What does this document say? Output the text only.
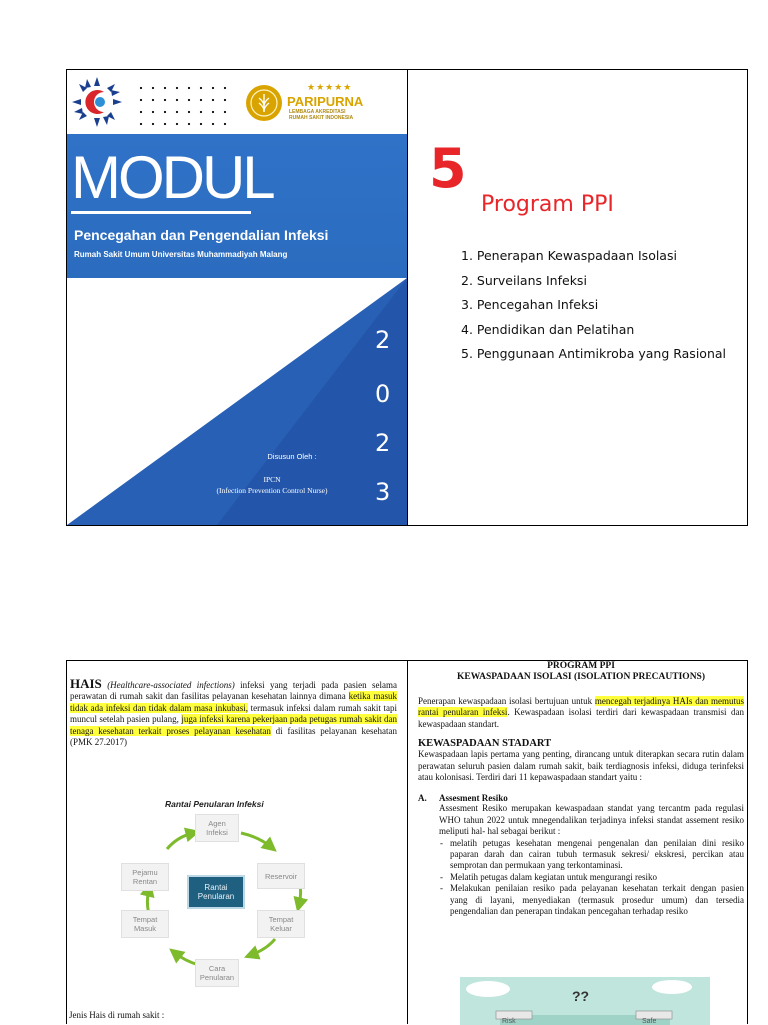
★★★★★
PARIPURNA
LEMBAGA AKREDITASI
RUMAH SAKIT INDONESIA
MODUL
Pencegahan dan Pengendalian Infeksi
Rumah Sakit Umum Universitas Muhammadiyah Malang
2
0
2
3
Disusun Oleh :
IPCN
(Infection Prevention Control Nurse)
5
Program PPI
1. Penerapan Kewaspadaan Isolasi
2. Surveilans Infeksi
3. Pencegahan Infeksi
4. Pendidikan dan Pelatihan
5. Penggunaan Antimikroba yang Rasional

HAIS (Healthcare-associated infections) infeksi yang terjadi pada pasien selama perawatan di rumah sakit dan fasilitas pelayanan kesehatan lainnya dimana ketika masuk tidak ada infeksi dan tidak dalam masa inkubasi, termasuk infeksi dalam rumah sakit tapi muncul setelah pasien pulang, juga infeksi karena pekerjaan pada petugas rumah sakit dan tenaga kesehatan terkait proses pelayanan kesehatan di fasilitas pelayanan kesehatan (PMK 27.2017)

Rantai Penularan Infeksi
Agen
Infeksi
Reservoir
Tempat
Keluar
Cara
Penularan
Tempat
Masuk
Pejamu
Rentan
Rantai
Penularan
Jenis Hais di rumah sakit :
PROGRAM PPI
KEWASPADAAN ISOLASI (ISOLATION PRECAUTIONS)

Penerapan kewaspadaan isolasi bertujuan untuk mencegah terjadinya HAIs dan memutus rantai penularan infeksi. Kewaspadaan isolasi terdiri dari kewaspadaan transmisi dan kewaspadaan standart.

KEWASPADAAN STADART

Kewaspadaan lapis pertama yang penting, dirancang untuk diterapkan secara rutin dalam perawatan seluruh pasien dalam rumah sakit, baik terdiagnosis infeksi, diduga terinfeksi atau kolonisasi. Terdiri dari 11 kepawaspadaan standart yaitu :

A. Assesment Resiko

Assesment Resiko merupakan kewaspadaan standat yang tercantm pada regulasi WHO tahun 2022 untuk mnegendalikan terjadinya infeksi standat assement resiko meliputi hal- hal sebagai berikut :

- melatih petugas kesehatan mengenai pengenalan dan penilaian dini resiko paparan darah dan cairan tubuh termasuk sekresi/ ekskresi, percikan atau semprotan dan permukaan yang terkontaminasi.

- Melatih petugas dalam kegiatan untuk mengurangi resiko

- Melakukan penilaian resiko pada pelayanan kesehatan terkait dengan pasien yang di layani, menyediakan (termasuk prosedur umum) dan tersedia pengendalian dan penerapan tindakan pencegahan terhadap resiko

??
Risk	Safe
